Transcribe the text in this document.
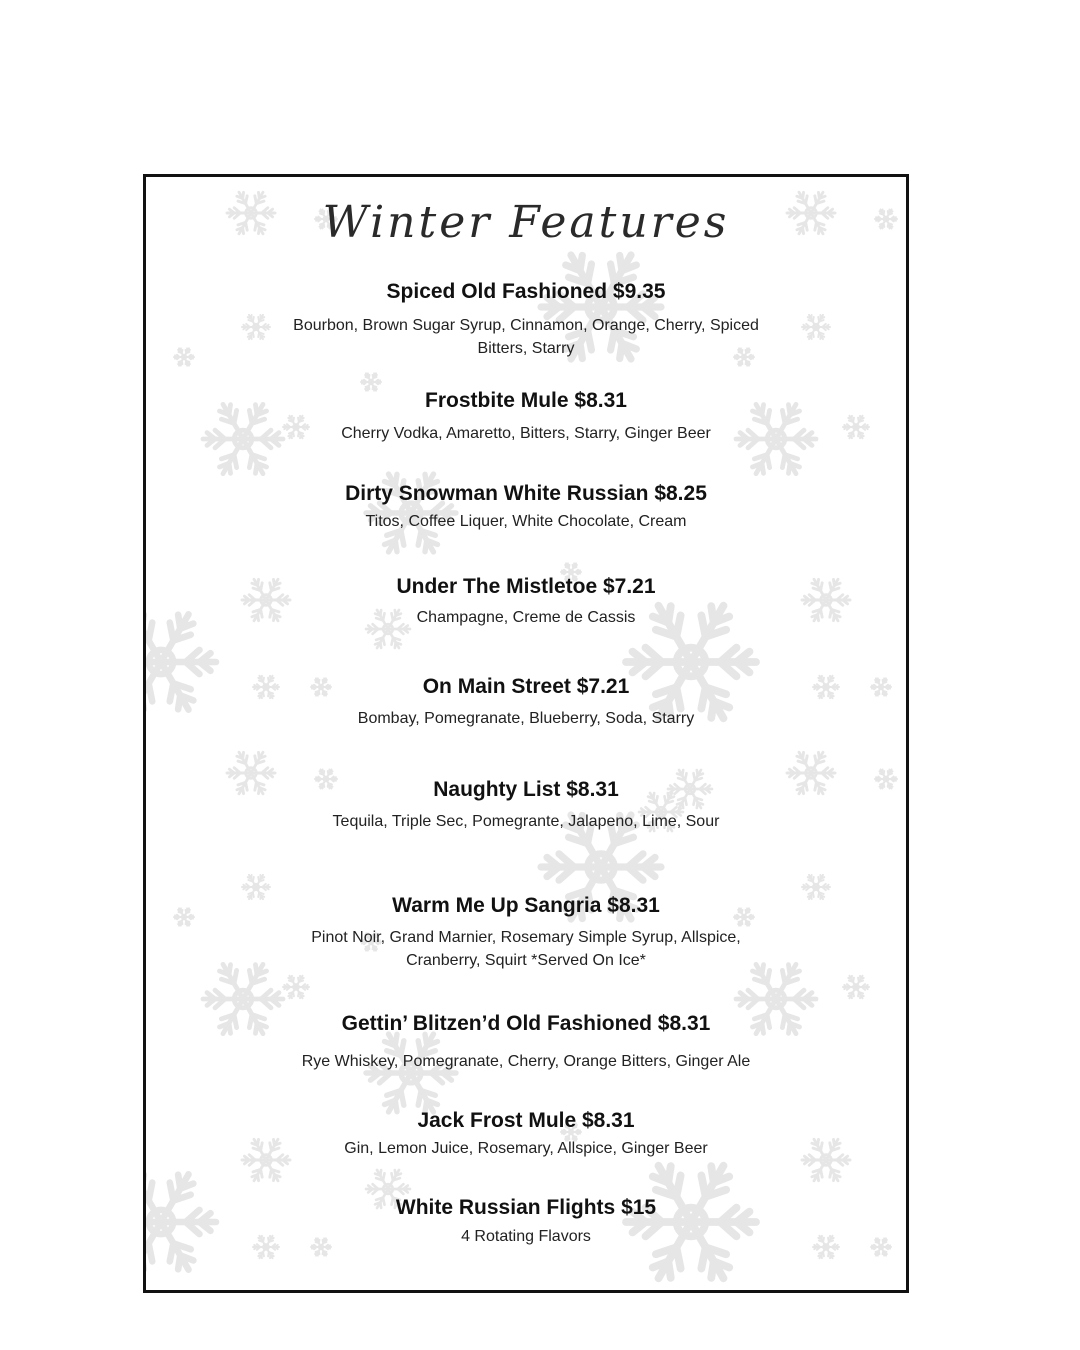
Winter Features
Spiced Old Fashioned $9.35
Bourbon, Brown Sugar Syrup, Cinnamon, Orange, Cherry, Spiced Bitters, Starry
Frostbite Mule $8.31
Cherry Vodka, Amaretto, Bitters, Starry, Ginger Beer
Dirty Snowman White Russian $8.25
Titos, Coffee Liquer, White Chocolate, Cream
Under The Mistletoe $7.21
Champagne, Creme de Cassis
On Main Street $7.21
Bombay, Pomegranate, Blueberry, Soda, Starry
Naughty List $8.31
Tequila, Triple Sec, Pomegrante, Jalapeno, Lime, Sour
Warm Me Up Sangria $8.31
Pinot Noir, Grand Marnier, Rosemary Simple Syrup, Allspice, Cranberry, Squirt *Served On Ice*
Gettin’ Blitzen’d Old Fashioned $8.31
Rye Whiskey, Pomegranate, Cherry, Orange Bitters, Ginger Ale
Jack Frost Mule $8.31
Gin, Lemon Juice, Rosemary, Allspice, Ginger Beer
White Russian Flights $15
4 Rotating Flavors
